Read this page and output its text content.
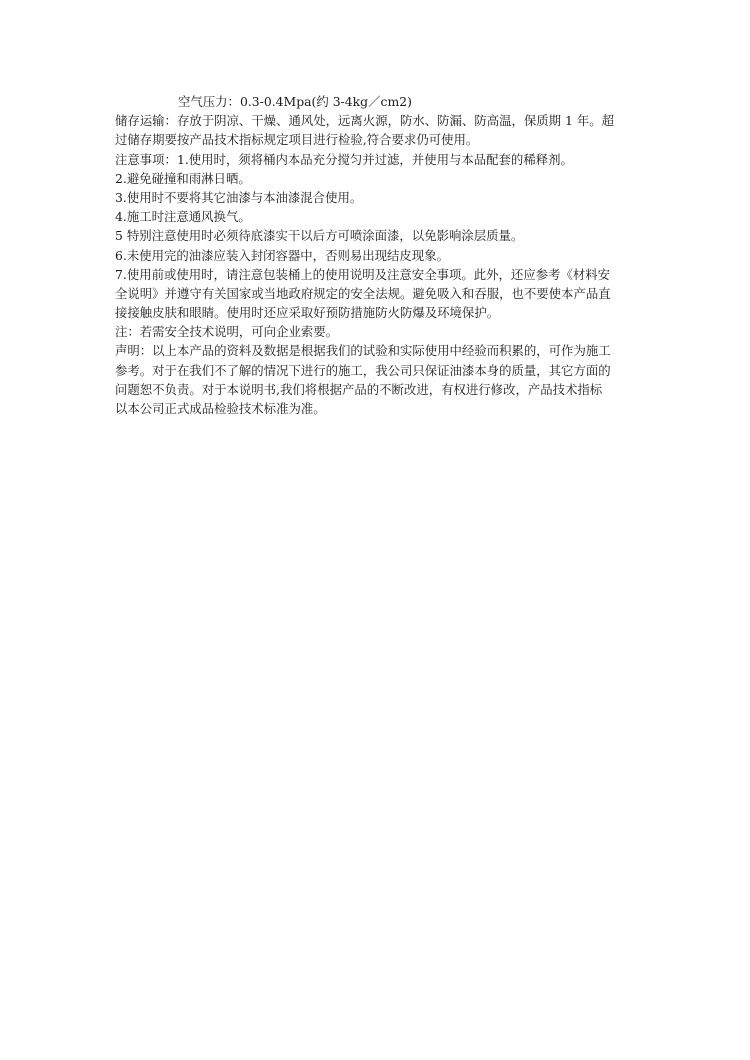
空气压力：0.3-0.4Mpa(约 3-4kg／cm2)
储存运输：存放于阴凉、干燥、通风处，远离火源，防水、防漏、防高温，保质期 1 年。超
过储存期要按产品技术指标规定项目进行检验,符合要求仍可使用。
注意事项：1.使用时，须将桶内本品充分搅匀并过滤，并使用与本品配套的稀释剂。
2.避免碰撞和雨淋日晒。
3.使用时不要将其它油漆与本油漆混合使用。
4.施工时注意通风换气。
5 特别注意使用时必须待底漆实干以后方可喷涂面漆，以免影响涂层质量。
6.未使用完的油漆应装入封闭容器中，否则易出现结皮现象。
7.使用前或使用时，请注意包装桶上的使用说明及注意安全事项。此外，还应参考《材料安
全说明》并遵守有关国家或当地政府规定的安全法规。避免吸入和吞服，也不要使本产品直
接接触皮肤和眼睛。使用时还应采取好预防措施防火防爆及环境保护。
注：若需安全技术说明，可向企业索要。
声明：以上本产品的资料及数据是根据我们的试验和实际使用中经验而积累的，可作为施工
参考。对于在我们不了解的情况下进行的施工，我公司只保证油漆本身的质量，其它方面的
问题恕不负责。对于本说明书,我们将根据产品的不断改进，有权进行修改，产品技术指标
以本公司正式成品检验技术标准为准。
